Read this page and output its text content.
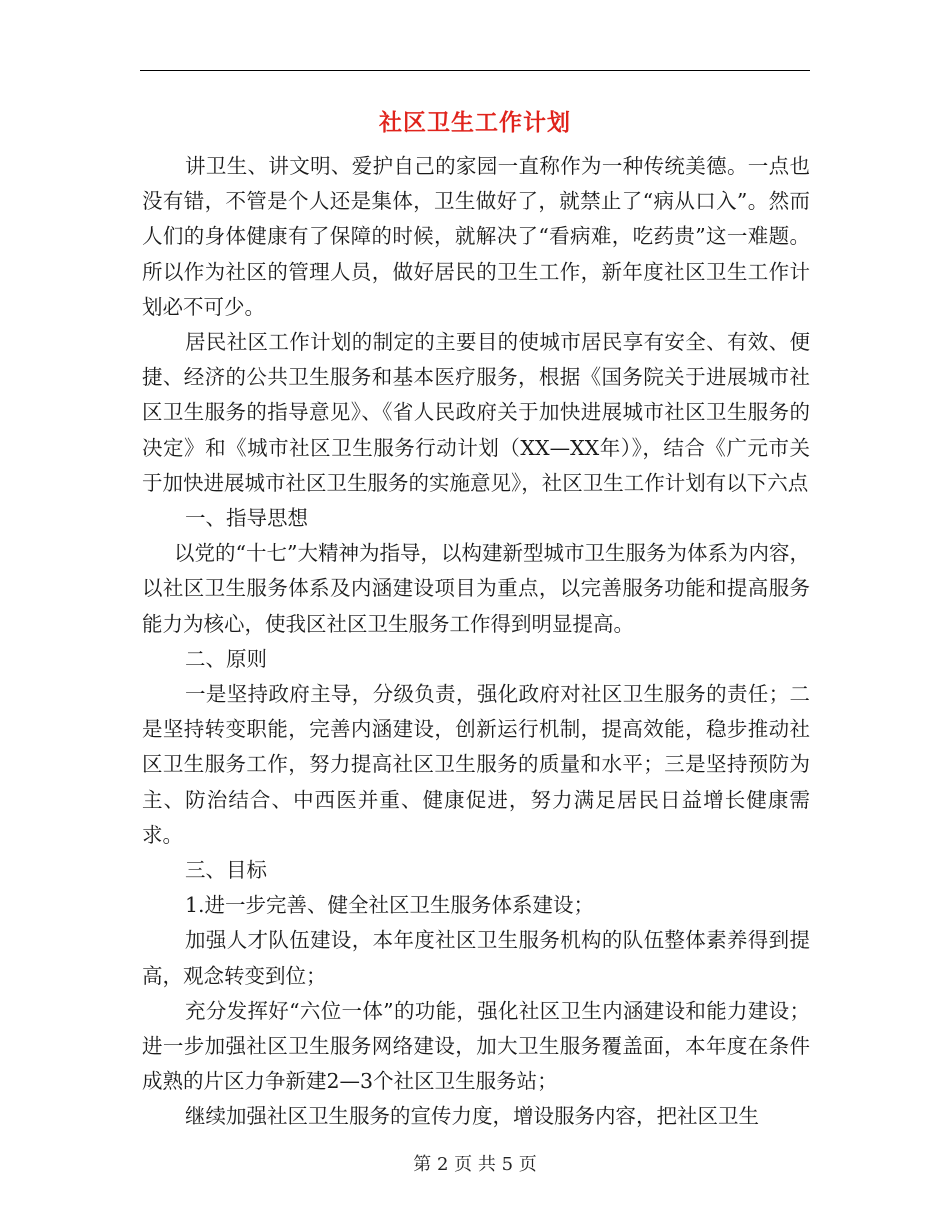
社区卫生工作计划

讲卫生、讲文明、爱护自己的家园一直称作为一种传统美德。一点也没有错，不管是个人还是集体，卫生做好了，就禁止了“病从口入”。然而人们的身体健康有了保障的时候，就解决了“看病难，吃药贵”这一难题。所以作为社区的管理人员，做好居民的卫生工作，新年度社区卫生工作计划必不可少。

居民社区工作计划的制定的主要目的使城市居民享有安全、有效、便捷、经济的公共卫生服务和基本医疗服务，根据《国务院关于进展城市社区卫生服务的指导意见》、《省人民政府关于加快进展城市社区卫生服务的决定》和《城市社区卫生服务行动计划（XX—XX年）》，结合《广元市关于加快进展城市社区卫生服务的实施意见》，社区卫生工作计划有以下六点

一、指导思想

以党的“十七”大精神为指导，以构建新型城市卫生服务为体系为内容，以社区卫生服务体系及内涵建设项目为重点，以完善服务功能和提高服务能力为核心，使我区社区卫生服务工作得到明显提高。

二、原则

一是坚持政府主导，分级负责，强化政府对社区卫生服务的责任；二是坚持转变职能，完善内涵建设，创新运行机制，提高效能，稳步推动社区卫生服务工作，努力提高社区卫生服务的质量和水平；三是坚持预防为主、防治结合、中西医并重、健康促进，努力满足居民日益增长健康需求。

三、目标

1.进一步完善、健全社区卫生服务体系建设；

加强人才队伍建设，本年度社区卫生服务机构的队伍整体素养得到提高，观念转变到位；

充分发挥好“六位一体”的功能，强化社区卫生内涵建设和能力建设；进一步加强社区卫生服务网络建设，加大卫生服务覆盖面，本年度在条件成熟的片区力争新建2—3个社区卫生服务站；

继续加强社区卫生服务的宣传力度，增设服务内容，把社区卫生

第 2 页 共 5 页
